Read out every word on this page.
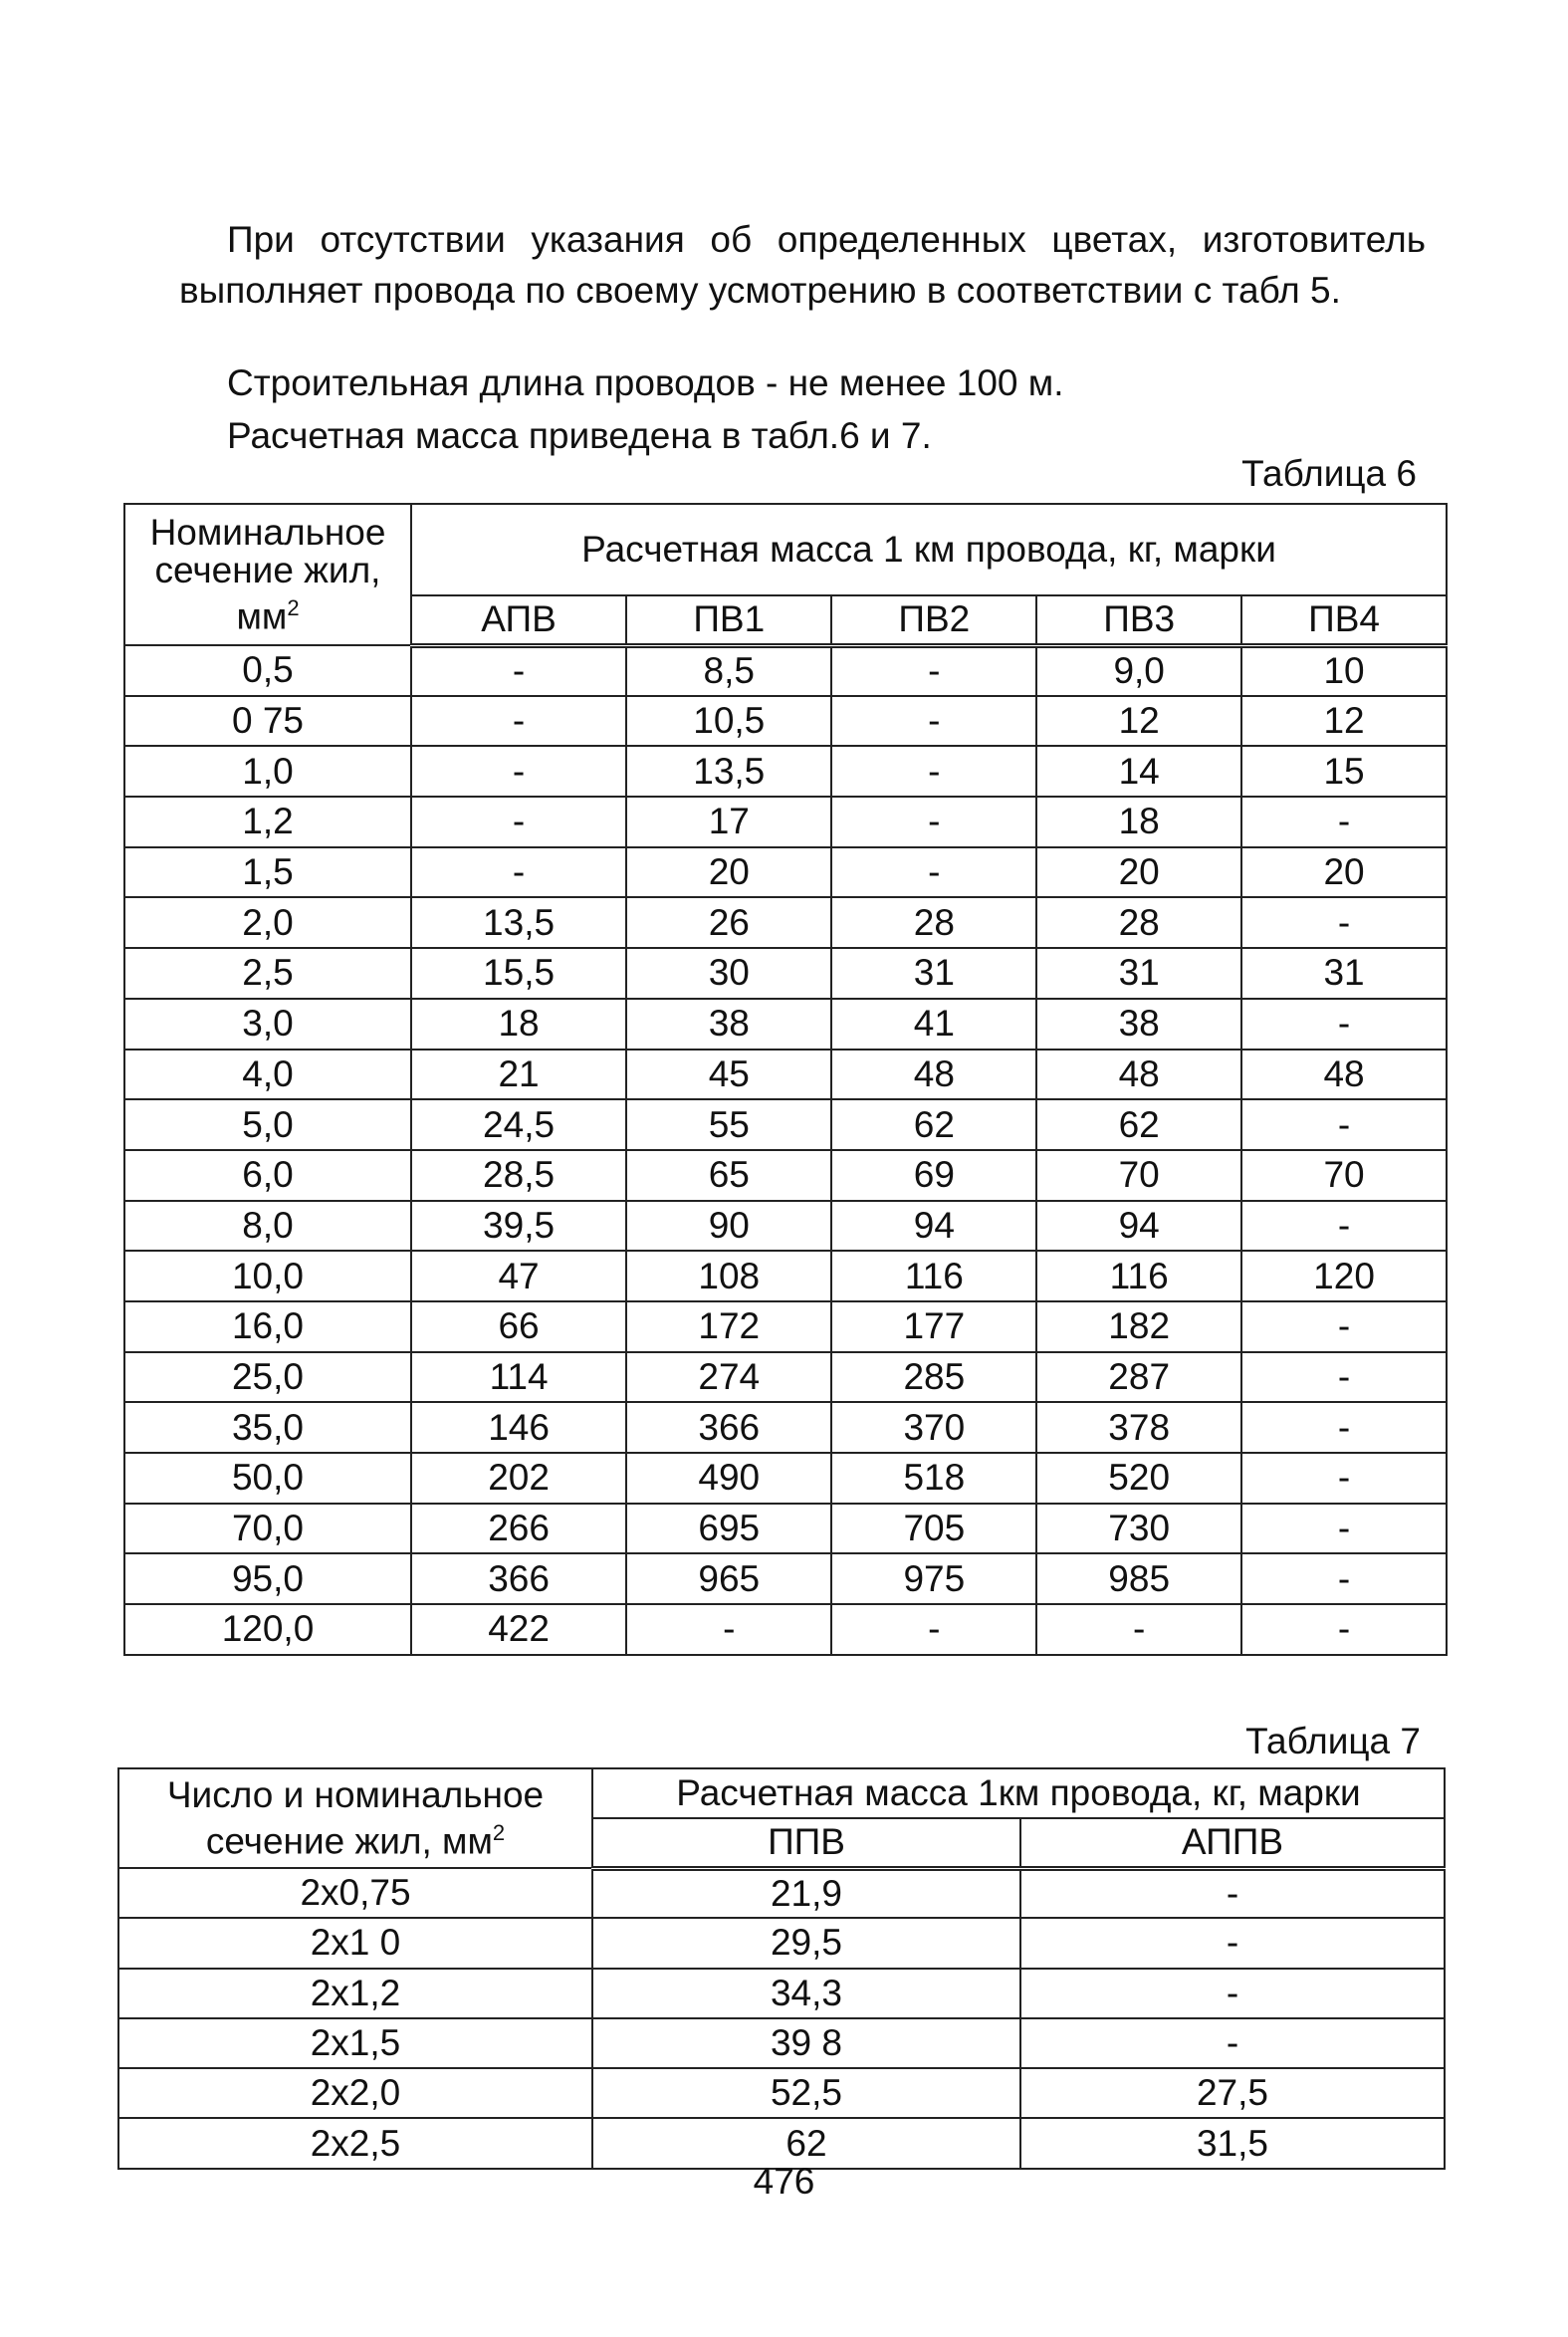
При отсутствии указания об определенных цветах, изготовитель выполняет провода по своему усмотрению в соответствии с табл 5.

Строительная длина проводов - не менее 100 м.

Расчетная масса приведена в табл.6 и 7.

Таблица 6
Номинальное
сечение жил,
$мм^2$	Расчетная масса 1 км провода, кг, марки				
	АПВ	ПВ1	ПВ2	ПВ3	ПВ4
0,5	-	8,5	-	9,0	10
0 75	-	10,5	-	12	12
1,0	-	13,5	-	14	15
1,2	-	17	-	18	-
1,5	-	20	-	20	20
2,0	13,5	26	28	28	-
2,5	15,5	30	31	31	31
3,0	18	38	41	38	-
4,0	21	45	48	48	48
5,0	24,5	55	62	62	-
6,0	28,5	65	69	70	70
8,0	39,5	90	94	94	-
10,0	47	108	116	116	120
16,0	66	172	177	182	-
25,0	114	274	285	287	-
35,0	146	366	370	378	-
50,0	202	490	518	520	-
70,0	266	695	705	730	-
95,0	366	965	975	985	-
120,0	422	-	-	-	-
Таблица 7
Число и номинальное
сечение жил, $мм^2$	Расчетная масса 1км провода, кг, марки	
	ППВ	АППВ
2х0,75	21,9	-
2х1 0	29,5	-
2х1,2	34,3	-
2х1,5	39 8	-
2х2,0	52,5	27,5
2х2,5	62	31,5
476
